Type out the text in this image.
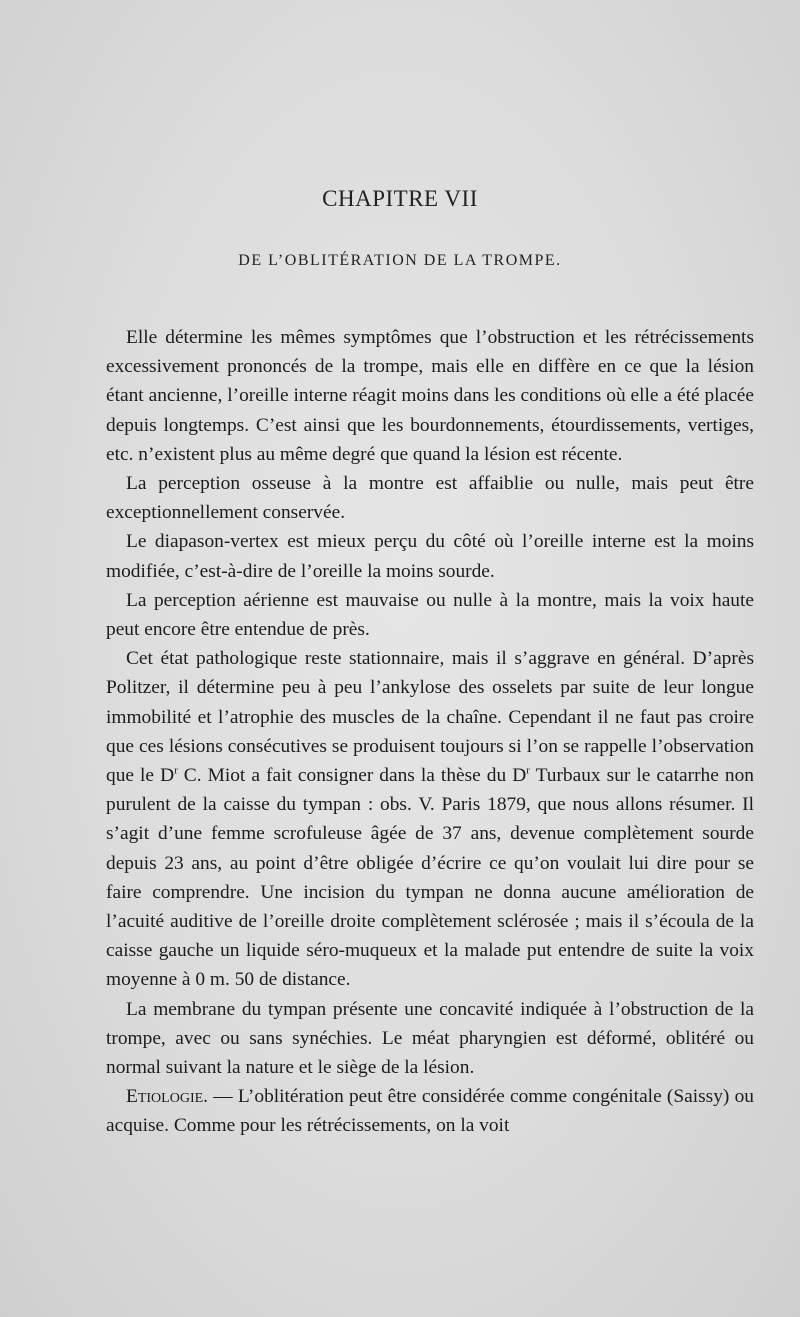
CHAPITRE VII
DE L’OBLITÉRATION DE LA TROMPE.

Elle détermine les mêmes symptômes que l’obstruction et les rétrécissements excessivement prononcés de la trompe, mais elle en diffère en ce que la lésion étant ancienne, l’oreille interne réagit moins dans les conditions où elle a été placée depuis longtemps. C’est ainsi que les bourdonnements, étourdissements, vertiges, etc. n’existent plus au même degré que quand la lésion est récente.

La perception osseuse à la montre est affaiblie ou nulle, mais peut être exceptionnellement conservée.

Le diapason-vertex est mieux perçu du côté où l’oreille interne est la moins modifiée, c’est-à-dire de l’oreille la moins sourde.

La perception aérienne est mauvaise ou nulle à la montre, mais la voix haute peut encore être entendue de près.

Cet état pathologique reste stationnaire, mais il s’aggrave en général. D’après Politzer, il détermine peu à peu l’ankylose des osselets par suite de leur longue immobilité et l’atrophie des muscles de la chaîne. Cependant il ne faut pas croire que ces lésions consécutives se produisent toujours si l’on se rappelle l’observation que le $D^r$ C. Miot a fait consigner dans la thèse du $D^r$ Turbaux sur le catarrhe non purulent de la caisse du tympan : obs. V. Paris 1879, que nous allons résumer. Il s’agit d’une femme scrofuleuse âgée de 37 ans, devenue complètement sourde depuis 23 ans, au point d’être obligée d’écrire ce qu’on voulait lui dire pour se faire comprendre. Une incision du tympan ne donna aucune amélioration de l’acuité auditive de l’oreille droite complètement sclérosée ; mais il s’écoula de la caisse gauche un liquide séro-muqueux et la malade put entendre de suite la voix moyenne à 0 m. 50 de distance.

La membrane du tympan présente une concavité indiquée à l’obstruction de la trompe, avec ou sans synéchies. Le méat pharyngien est déformé, oblitéré ou normal suivant la nature et le siège de la lésion.

Etiologie. — L’oblitération peut être considérée comme congénitale (Saissy) ou acquise. Comme pour les rétrécissements, on la voit
